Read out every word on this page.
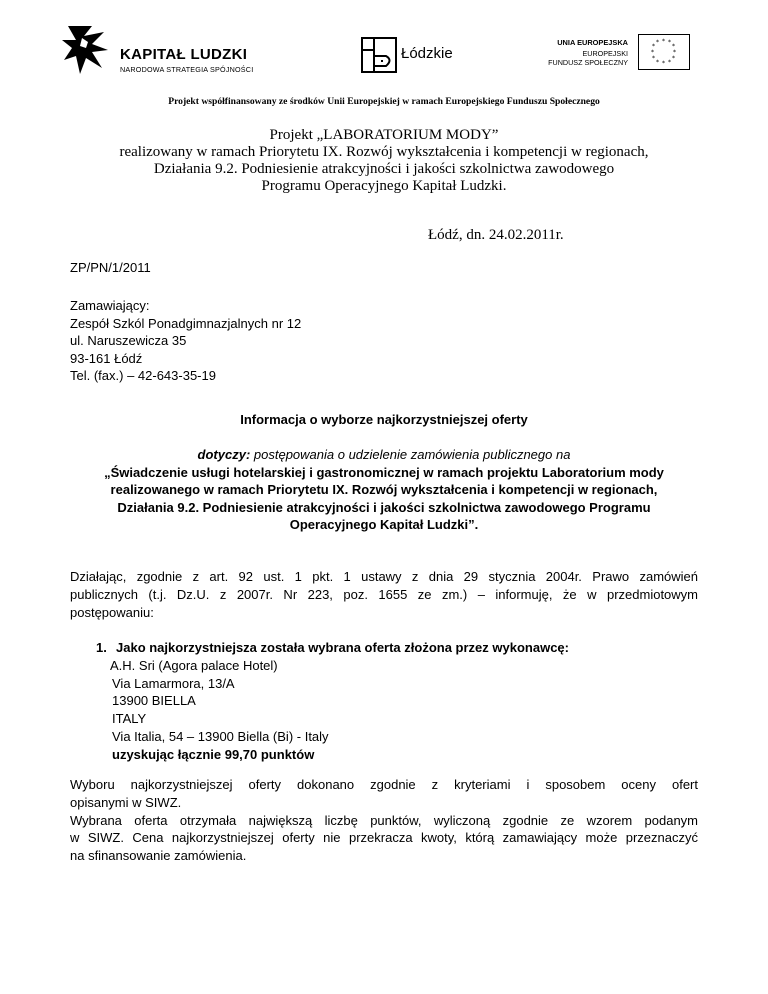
KAPITAŁ LUDZKI
NARODOWA STRATEGIA SPÓJNOŚCI
Łódzkie
UNIA EUROPEJSKA
EUROPEJSKI
FUNDUSZ SPOŁECZNY
* *
*
*
*
*
*
*
*
*
*
*
Projekt współfinansowany ze środków Unii Europejskiej w ramach Europejskiego Funduszu Społecznego
Projekt „LABORATORIUM MODY”
realizowany w ramach Priorytetu IX. Rozwój wykształcenia i kompetencji w regionach,
Działania 9.2. Podniesienie atrakcyjności i jakości szkolnictwa zawodowego
Programu Operacyjnego Kapitał Ludzki.
Łódź, dn. 24.02.2011r.
ZP/PN/1/2011
Zamawiający:
Zespół Szkól Ponadgimnazjalnych nr 12
ul. Naruszewicza 35
93-161 Łódź
Tel. (fax.) – 42-643-35-19
Informacja o wyborze najkorzystniejszej oferty
dotyczy: postępowania o udzielenie zamówienia publicznego na
„Świadczenie usługi hotelarskiej i gastronomicznej w ramach projektu Laboratorium mody
realizowanego w ramach Priorytetu IX. Rozwój wykształcenia i kompetencji w regionach,
Działania 9.2. Podniesienie atrakcyjności i jakości szkolnictwa zawodowego Programu
Operacyjnego Kapitał Ludzki”.
Działając, zgodnie z art. 92 ust. 1 pkt. 1 ustawy z dnia 29 stycznia 2004r. Prawo zamówień
publicznych (t.j. Dz.U. z 2007r. Nr 223, poz. 1655 ze zm.) – informuję, że w przedmiotowym
postępowaniu:
1. Jako najkorzystniejsza została wybrana oferta złożona przez wykonawcę:
A.H. Sri (Agora palace Hotel)
Via Lamarmora, 13/A
13900 BIELLA
ITALY
Via Italia, 54 – 13900 Biella (Bi) - Italy
uzyskując łącznie 99,70 punktów
Wyboru najkorzystniejszej oferty dokonano zgodnie z kryteriami i sposobem oceny ofert
opisanymi w SIWZ.
Wybrana oferta otrzymała największą liczbę punktów, wyliczoną zgodnie ze wzorem podanym
w SIWZ. Cena najkorzystniejszej oferty nie przekracza kwoty, którą zamawiający może przeznaczyć
na sfinansowanie zamówienia.
